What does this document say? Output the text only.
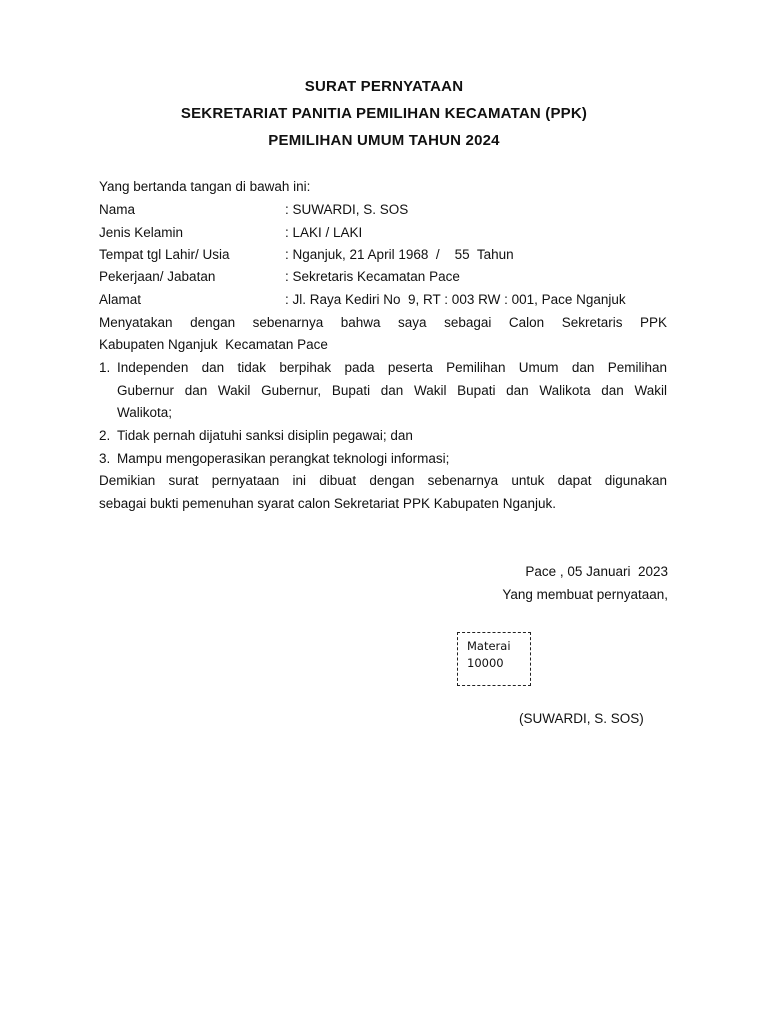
SURAT PERNYATAAN
SEKRETARIAT PANITIA PEMILIHAN KECAMATAN (PPK)
PEMILIHAN UMUM TAHUN 2024
Yang bertanda tangan di bawah ini:
Nama	: SUWARDI, S. SOS
Jenis Kelamin	: LAKI / LAKI
Tempat tgl Lahir/ Usia	: Nganjuk, 21 April 1968  /    55  Tahun
Pekerjaan/ Jabatan	: Sekretaris Kecamatan Pace
Alamat	: Jl. Raya Kediri No  9, RT : 003 RW : 001, Pace Nganjuk
Menyatakan dengan sebenarnya bahwa saya sebagai Calon Sekretaris PPK
Kabupaten Nganjuk  Kecamatan Pace
1. Independen dan tidak berpihak pada peserta Pemilihan Umum dan Pemilihan
Gubernur dan Wakil Gubernur, Bupati dan Wakil Bupati dan Walikota dan Wakil
Walikota;
2. Tidak pernah dijatuhi sanksi disiplin pegawai; dan
3. Mampu mengoperasikan perangkat teknologi informasi;
Demikian surat pernyataan ini dibuat dengan sebenarnya untuk dapat digunakan
sebagai bukti pemenuhan syarat calon Sekretariat PPK Kabupaten Nganjuk.
Pace , 05 Januari  2023
Yang membuat pernyataan,
Materai
10000
(SUWARDI, S. SOS)
